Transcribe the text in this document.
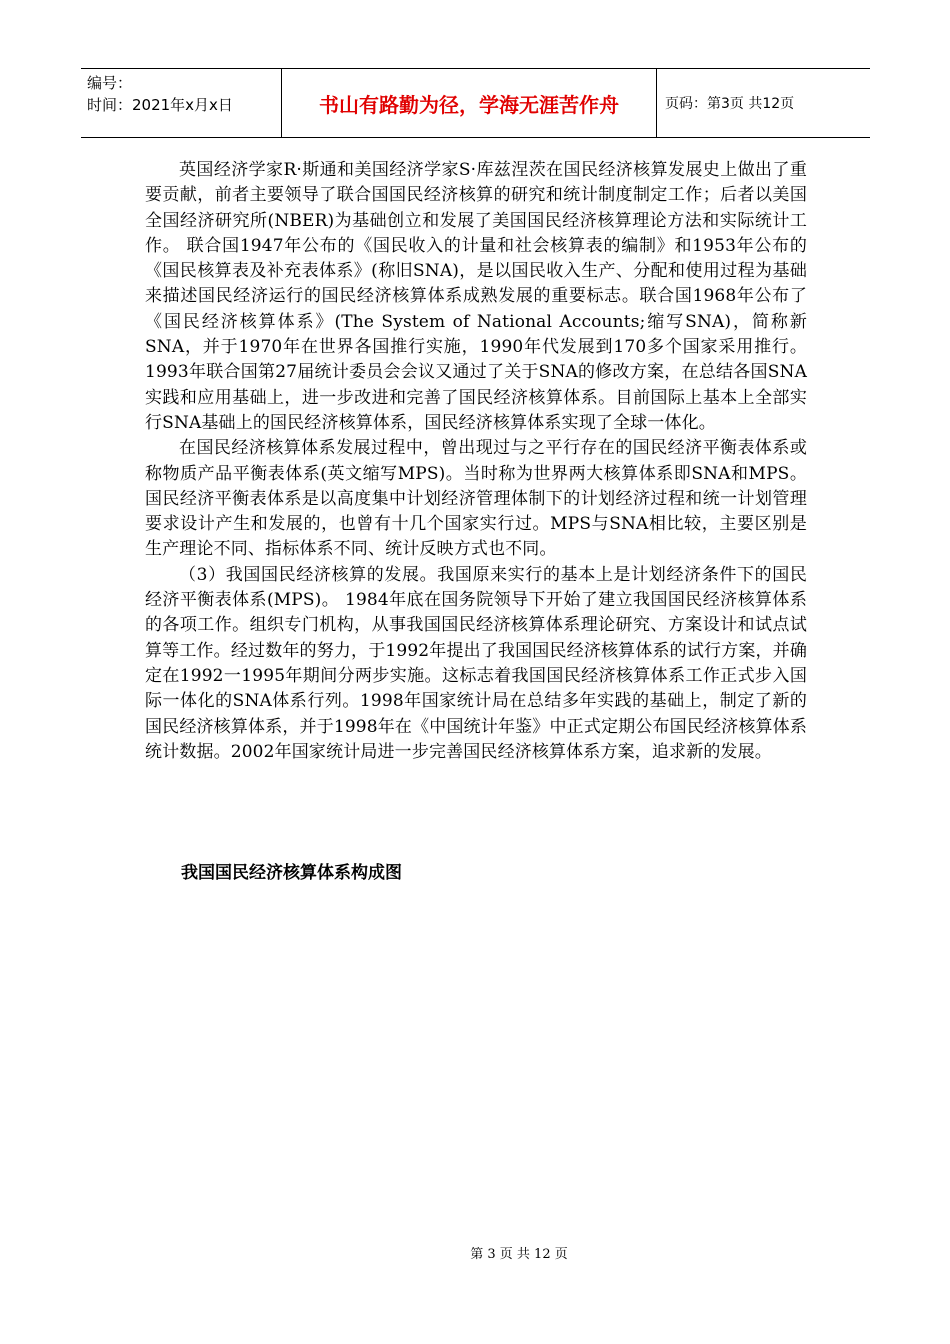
编号：
时间：2021年x月x日	书山有路勤为径，学海无涯苦作舟	页码：第3页 共12页

英国经济学家R·斯通和美国经济学家S·库兹涅茨在国民经济核算发展史上做出了重要贡献，前者主要领导了联合国国民经济核算的研究和统计制度制定工作；后者以美国全国经济研究所(NBER)为基础创立和发展了美国国民经济核算理论方法和实际统计工作。 联合国1947年公布的《国民收入的计量和社会核算表的编制》和1953年公布的《国民核算表及补充表体系》(称旧SNA)，是以国民收入生产、分配和使用过程为基础来描述国民经济运行的国民经济核算体系成熟发展的重要标志。联合国1968年公布了《国民经济核算体系》(The System of National Accounts;缩写SNA)，简称新SNA，并于1970年在世界各国推行实施，1990年代发展到170多个国家采用推行。1993年联合国第27届统计委员会会议又通过了关于SNA的修改方案，在总结各国SNA实践和应用基础上，进一步改进和完善了国民经济核算体系。目前国际上基本上全部实行SNA基础上的国民经济核算体系，国民经济核算体系实现了全球一体化。

在国民经济核算体系发展过程中，曾出现过与之平行存在的国民经济平衡表体系或称物质产品平衡表体系(英文缩写MPS)。当时称为世界两大核算体系即SNA和MPS。国民经济平衡表体系是以高度集中计划经济管理体制下的计划经济过程和统一计划管理要求设计产生和发展的，也曾有十几个国家实行过。MPS与SNA相比较，主要区别是生产理论不同、指标体系不同、统计反映方式也不同。

（3）我国国民经济核算的发展。我国原来实行的基本上是计划经济条件下的国民经济平衡表体系(MPS)。 1984年底在国务院领导下开始了建立我国国民经济核算体系的各项工作。组织专门机构，从事我国国民经济核算体系理论研究、方案设计和试点试算等工作。经过数年的努力，于1992年提出了我国国民经济核算体系的试行方案，并确定在1992一1995年期间分两步实施。这标志着我国国民经济核算体系工作正式步入国际一体化的SNA体系行列。1998年国家统计局在总结多年实践的基础上，制定了新的国民经济核算体系，并于1998年在《中国统计年鉴》中正式定期公布国民经济核算体系统计数据。2002年国家统计局进一步完善国民经济核算体系方案，追求新的发展。

我国国民经济核算体系构成图
第 3 页 共 12 页
